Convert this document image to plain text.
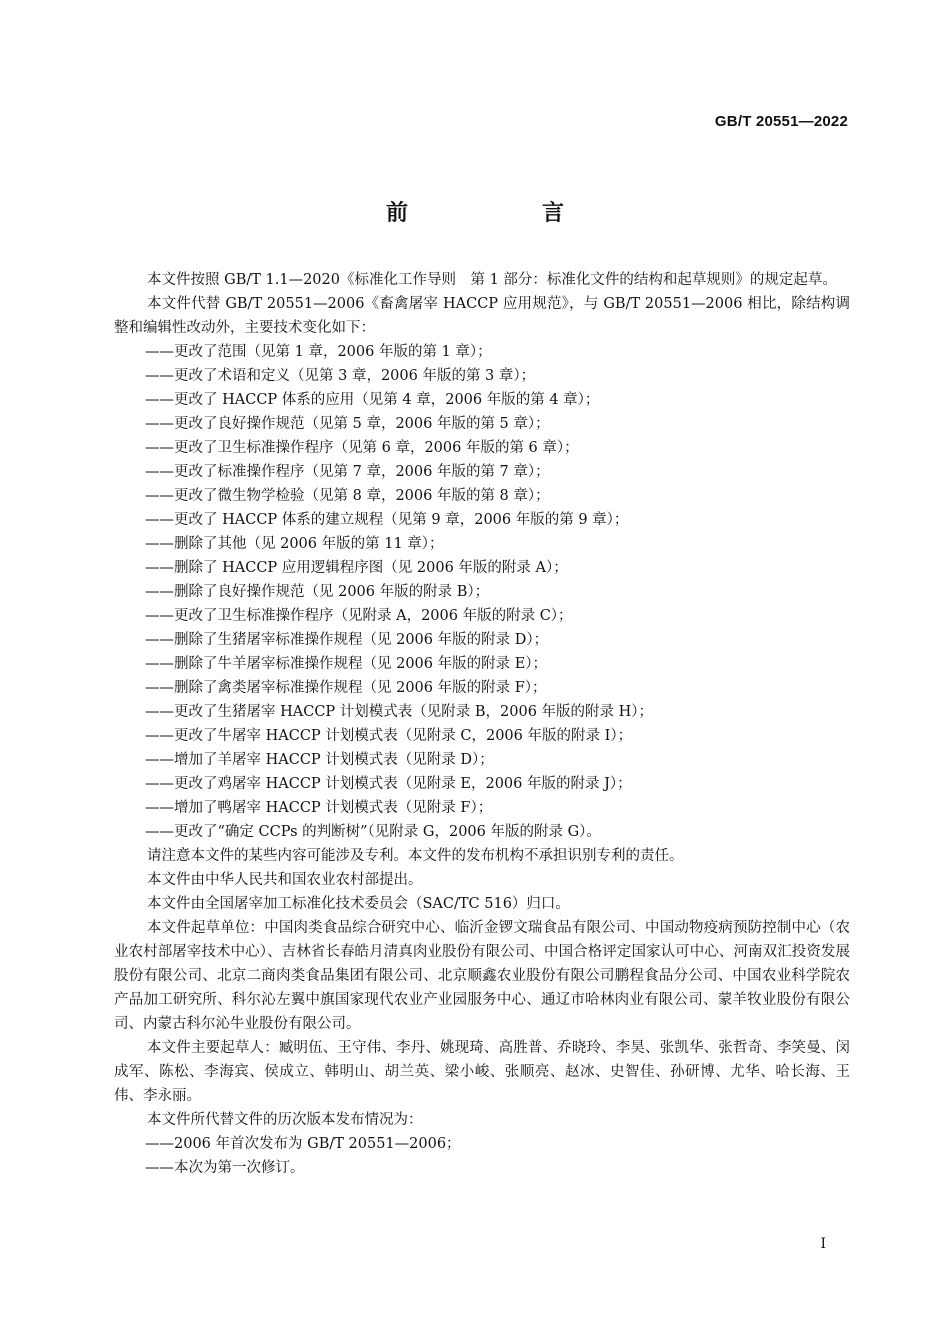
GB/T 20551—2022
前　言

本文件按照 GB/T 1.1—2020《标准化工作导则　第 1 部分：标准化文件的结构和起草规则》的规定起草。

本文件代替 GB/T 20551—2006《畜禽屠宰 HACCP 应用规范》，与 GB/T 20551—2006 相比，除结构调整和编辑性改动外，主要技术变化如下：

——更改了范围（见第 1 章，2006 年版的第 1 章）；

——更改了术语和定义（见第 3 章，2006 年版的第 3 章）；

——更改了 HACCP 体系的应用（见第 4 章，2006 年版的第 4 章）；

——更改了良好操作规范（见第 5 章，2006 年版的第 5 章）；

——更改了卫生标准操作程序（见第 6 章，2006 年版的第 6 章）；

——更改了标准操作程序（见第 7 章，2006 年版的第 7 章）；

——更改了微生物学检验（见第 8 章，2006 年版的第 8 章）；

——更改了 HACCP 体系的建立规程（见第 9 章，2006 年版的第 9 章）；

——删除了其他（见 2006 年版的第 11 章）；

——删除了 HACCP 应用逻辑程序图（见 2006 年版的附录 A）；

——删除了良好操作规范（见 2006 年版的附录 B）；

——更改了卫生标准操作程序（见附录 A，2006 年版的附录 C）；

——删除了生猪屠宰标准操作规程（见 2006 年版的附录 D）；

——删除了牛羊屠宰标准操作规程（见 2006 年版的附录 E）；

——删除了禽类屠宰标准操作规程（见 2006 年版的附录 F）；

——更改了生猪屠宰 HACCP 计划模式表（见附录 B，2006 年版的附录 H）；

——更改了牛屠宰 HACCP 计划模式表（见附录 C，2006 年版的附录 I）；

——增加了羊屠宰 HACCP 计划模式表（见附录 D）；

——更改了鸡屠宰 HACCP 计划模式表（见附录 E，2006 年版的附录 J）；

——增加了鸭屠宰 HACCP 计划模式表（见附录 F）；

——更改了“确定 CCPs 的判断树”（见附录 G，2006 年版的附录 G）。

请注意本文件的某些内容可能涉及专利。本文件的发布机构不承担识别专利的责任。

本文件由中华人民共和国农业农村部提出。

本文件由全国屠宰加工标准化技术委员会（SAC/TC 516）归口。

本文件起草单位：中国肉类食品综合研究中心、临沂金锣文瑞食品有限公司、中国动物疫病预防控制中心（农业农村部屠宰技术中心）、吉林省长春皓月清真肉业股份有限公司、中国合格评定国家认可中心、河南双汇投资发展股份有限公司、北京二商肉类食品集团有限公司、北京顺鑫农业股份有限公司鹏程食品分公司、中国农业科学院农产品加工研究所、科尔沁左翼中旗国家现代农业产业园服务中心、通辽市哈林肉业有限公司、蒙羊牧业股份有限公司、内蒙古科尔沁牛业股份有限公司。

本文件主要起草人：臧明伍、王守伟、李丹、姚现琦、高胜普、乔晓玲、李昊、张凯华、张哲奇、李笑曼、闵成军、陈松、李海宾、侯成立、韩明山、胡兰英、梁小峻、张顺亮、赵冰、史智佳、孙研博、尤华、哈长海、王伟、李永丽。

本文件所代替文件的历次版本发布情况为：

——2006 年首次发布为 GB/T 20551—2006；

——本次为第一次修订。

I
